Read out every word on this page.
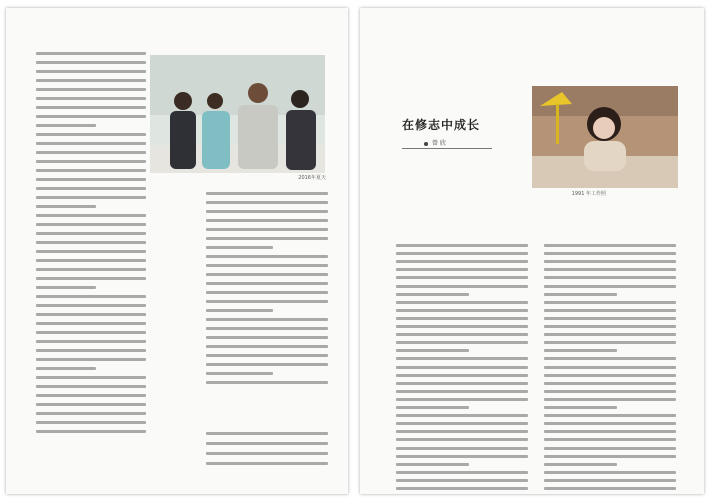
2016年夏天
在修志中成长
曾 欣
1991 年工作照
